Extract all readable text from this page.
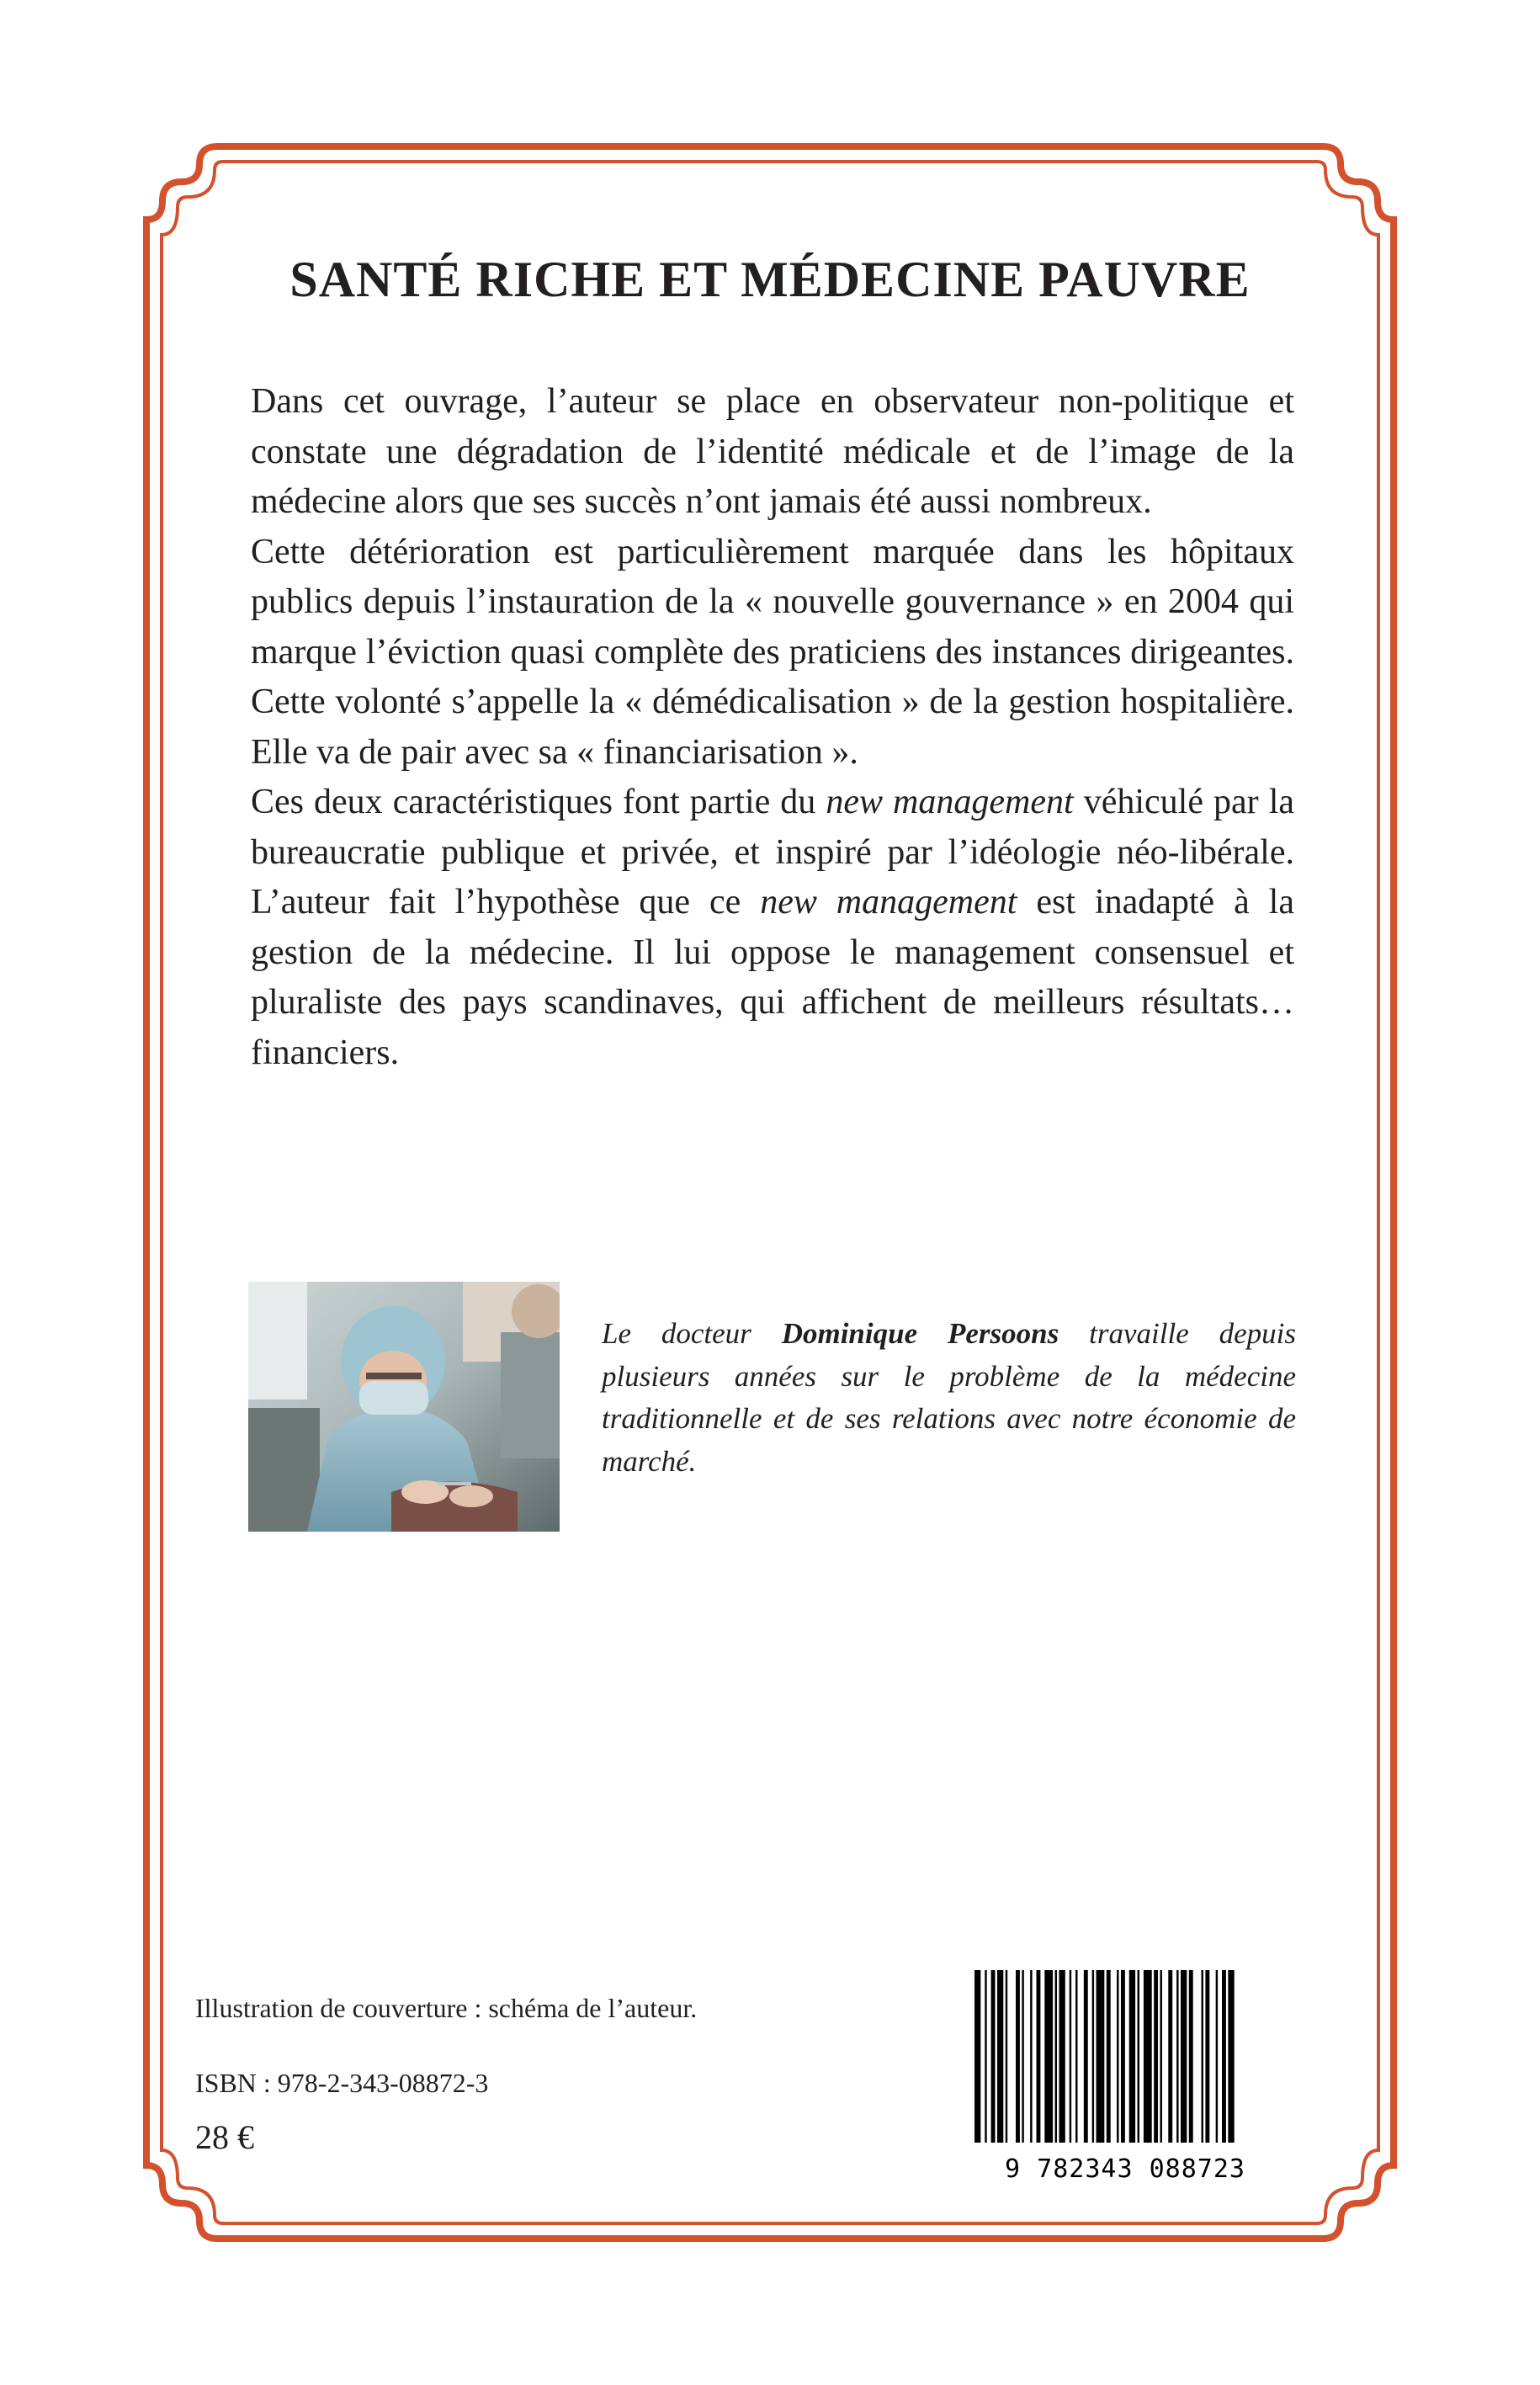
SANTÉ RICHE ET MÉDECINE PAUVRE

Dans cet ouvrage, l’auteur se place en observateur non-politique et constate une dégradation de l’identité médicale et de l’image de la médecine alors que ses succès n’ont jamais été aussi nombreux.

Cette détérioration est particulièrement marquée dans les hôpitaux publics depuis l’instauration de la « nouvelle gouvernance » en 2004 qui marque l’éviction quasi complète des praticiens des instances dirigeantes. Cette volonté s’appelle la « démédicalisation » de la gestion hospitalière. Elle va de pair avec sa « financiarisation ».

Ces deux caractéristiques font partie du new management véhiculé par la bureaucratie publique et privée, et inspiré par l’idéologie néo-libérale. L’auteur fait l’hypothèse que ce new management est inadapté à la gestion de la médecine. Il lui oppose le management consensuel et pluraliste des pays scandinaves, qui affichent de meilleurs résultats… financiers.

Le docteur Dominique Persoons travaille depuis plusieurs années sur le problème de la médecine traditionnelle et de ses relations avec notre économie de marché.
Illustration de couverture : schéma de l’auteur.
ISBN : 978-2-343-08872-3
28 €
9 782343 088723
